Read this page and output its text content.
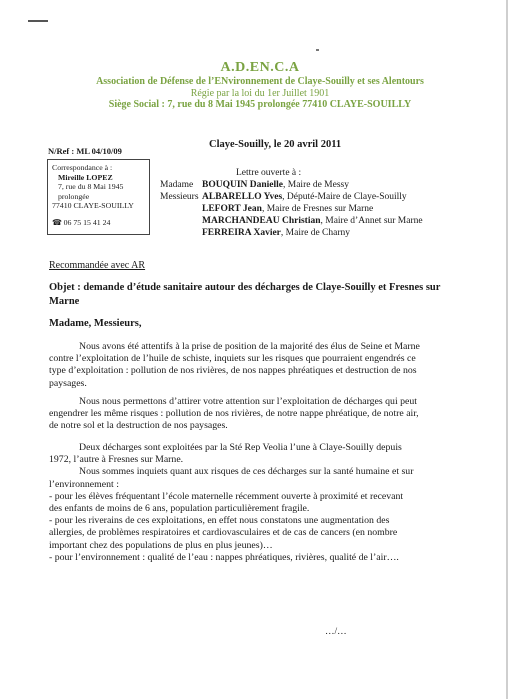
A.D.EN.C.A
Association de Défense de l’ENvironnement de Claye-Souilly et ses Alentours
Régie par la loi du 1er Juillet 1901
Siège Social : 7, rue du 8 Mai 1945 prolongée 77410 CLAYE-SOUILLY
Claye-Souilly, le 20 avril 2011
N/Ref : ML 04/10/09
Correspondance à :
Mireille LOPEZ
7, rue du 8 Mai 1945
prolongée
77410 CLAYE-SOUILLY
☎ 06 75 15 41 24
Lettre ouverte à :
Madame BOUQUIN Danielle, Maire de Messy
Messieurs ALBARELLO Yves, Député-Maire de Claye-Souilly
LEFORT Jean, Maire de Fresnes sur Marne
MARCHANDEAU Christian, Maire d’Annet sur Marne
FERREIRA Xavier, Maire de Charny
Recommandée avec AR
Objet : demande d’étude sanitaire autour des décharges de Claye-Souilly et Fresnes sur Marne
Madame, Messieurs,
Nous avons été attentifs à la prise de position de la majorité des élus de Seine et Marne
contre l’exploitation de l’huile de schiste, inquiets sur les risques que pourraient engendrés ce
type d’exploitation : pollution de nos rivières, de nos nappes phréatiques et destruction de nos
paysages.
Nous nous permettons d’attirer votre attention sur l’exploitation de décharges qui peut
engendrer les même risques : pollution de nos rivières, de notre nappe phréatique, de notre air,
de notre sol et la destruction de nos paysages.
Deux décharges sont exploitées par la Sté Rep Veolia l’une à Claye-Souilly depuis
1972, l’autre à Fresnes sur Marne.
Nous sommes inquiets quant aux risques de ces décharges sur la santé humaine et sur
l’environnement :
- pour les élèves fréquentant l’école maternelle récemment ouverte à proximité et recevant
des enfants de moins de 6 ans, population particulièrement fragile.
- pour les riverains de ces exploitations, en effet nous constatons une augmentation des
allergies, de problèmes respiratoires et cardiovasculaires et de cas de cancers (en nombre
important chez des populations de plus en plus jeunes)…
- pour l’environnement : qualité de l’eau : nappes phréatiques, rivières, qualité de l’air….
…/…
